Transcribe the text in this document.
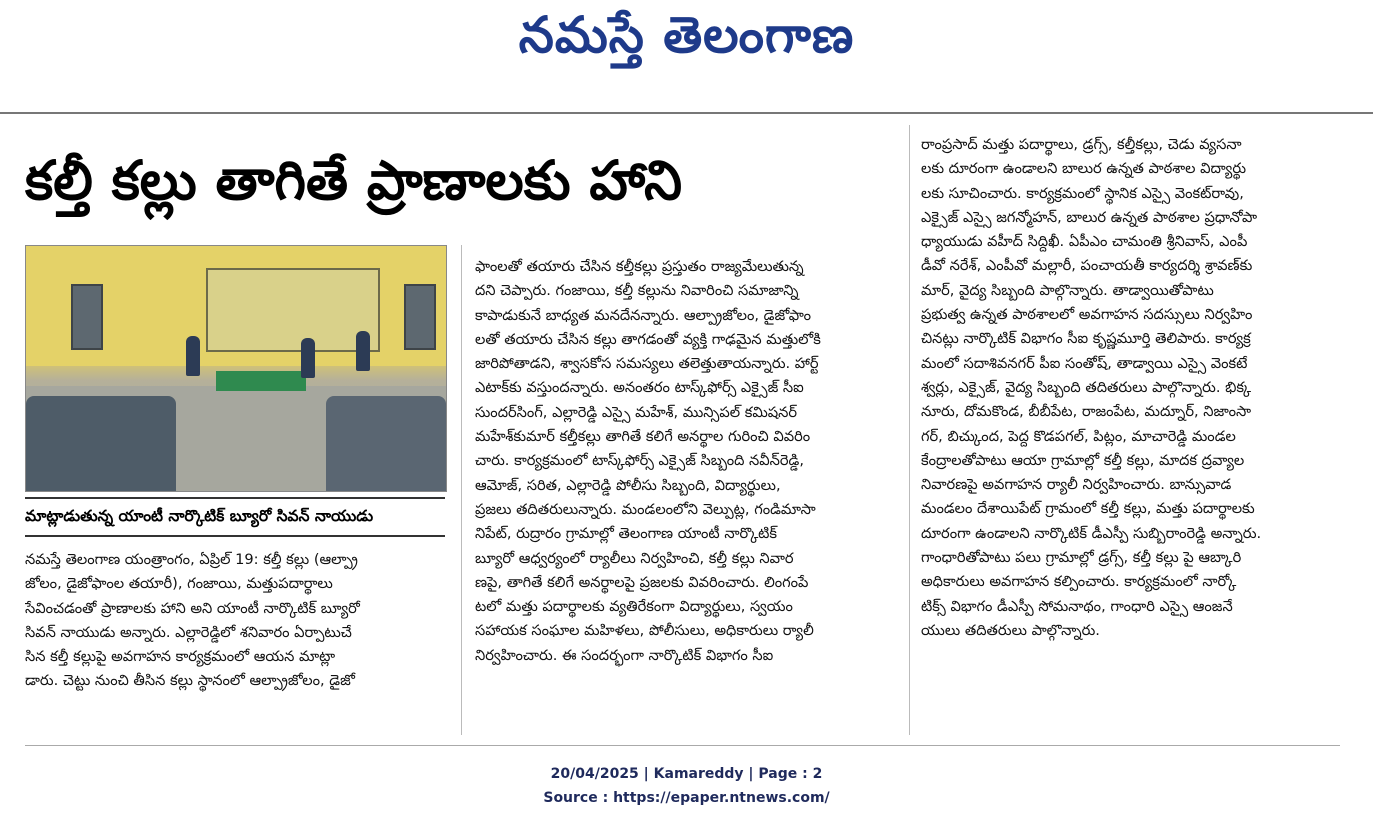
నమస్తే తెలంగాణ
కల్తీ కల్లు తాగితే ప్రాణాలకు హాని
మాట్లాడుతున్న యాంటీ నార్కొటిక్ బ్యూరో సివన్ నాయుడు
నమస్తే తెలంగాణ యంత్రాంగం, ఏప్రిల్ 19: కల్తీ కల్లు (ఆల్ప్రా
జోలం, డైజోఫాంల తయారీ), గంజాయి, మత్తుపదార్థాలు
సేవించడంతో ప్రాణాలకు హాని అని యాంటీ నార్కొటిక్ బ్యూరో
సివన్ నాయుడు అన్నారు. ఎల్లారెడ్డిలో శనివారం ఏర్పాటుచే
సిన కల్తీ కల్లుపై అవగాహన కార్యక్రమంలో ఆయన మాట్లా
డారు. చెట్టు నుంచి తీసిన కల్లు స్థానంలో ఆల్ప్రాజోలం, డైజో
ఫాంలతో తయారు చేసిన కల్తీకల్లు ప్రస్తుతం రాజ్యమేలుతున్న
దని చెప్పారు. గంజాయి, కల్తీ కల్లును నివారించి సమాజాన్ని
కాపాడుకునే బాధ్యత మనదేనన్నారు. ఆల్ప్రాజోలం, డైజోఫాం
లతో తయారు చేసిన కల్లు తాగడంతో వ్యక్తి గాఢమైన మత్తులోకి
జారిపోతాడని, శ్వాసకోస సమస్యలు తలెత్తుతాయన్నారు. హార్ట్
ఎటాక్‌కు వస్తుందన్నారు. అనంతరం టాస్క్‌ఫోర్స్ ఎక్సైజ్ సీఐ
సుందర్‌సింగ్, ఎల్లారెడ్డి ఎస్సై మహేశ్, మున్సిపల్ కమిషనర్
మహేశ్‌కుమార్ కల్తీకల్లు తాగితే కలిగే అనర్థాల గురించి వివరిం
చారు. కార్యక్రమంలో టాస్క్‌ఫోర్స్ ఎక్సైజ్ సిబ్బంది నవీన్‌రెడ్డి,
ఆమోజ్, సరిత, ఎల్లారెడ్డి పోలీసు సిబ్బంది, విద్యార్థులు,
ప్రజలు తదితరులున్నారు. మండలంలోని వెల్పుట్ల, గండిమాసా
నిపేట్, రుద్రారం గ్రామాల్లో తెలంగాణ యాంటీ నార్కొటిక్
బ్యూరో ఆధ్వర్యంలో ర్యాలీలు నిర్వహించి, కల్తీ కల్లు నివార
ణపై, తాగితే కలిగే అనర్థాలపై ప్రజలకు వివరించారు. లింగంపే
టలో మత్తు పదార్థాలకు వ్యతిరేకంగా విద్యార్థులు, స్వయం
సహాయక సంఘాల మహిళలు, పోలీసులు, అధికారులు ర్యాలీ
నిర్వహించారు. ఈ సందర్భంగా నార్కొటిక్ విభాగం సీఐ
రాంప్రసాద్ మత్తు పదార్థాలు, డ్రగ్స్, కల్తీకల్లు, చెడు వ్యసనా
లకు దూరంగా ఉండాలని బాలుర ఉన్నత పాఠశాల విద్యార్థు
లకు సూచించారు. కార్యక్రమంలో స్థానిక ఎస్సై వెంకట్‌రావు,
ఎక్సైజ్ ఎస్సై జగన్మోహన్, బాలుర ఉన్నత పాఠశాల ప్రధానోపా
ధ్యాయుడు వహీద్ సిద్దిఖీ. ఏపీఎం చామంతి శ్రీనివాస్, ఎంపీ
డీవో నరేశ్, ఎంపీవో మల్లారీ, పంచాయతీ కార్యదర్శి శ్రావణ్‌కు
మార్, వైద్య సిబ్బంది పాల్గొన్నారు. తాడ్వాయితోపాటు
ప్రభుత్వ ఉన్నత పాఠశాలలో అవగాహన సదస్సులు నిర్వహిం
చినట్లు నార్కొటిక్ విభాగం సీఐ కృష్ణమూర్తి తెలిపారు. కార్యక్ర
మంలో సదాశివనగర్ పీఐ సంతోష్, తాడ్వాయి ఎస్సై వెంకటే
శ్వర్లు, ఎక్సైజ్, వైద్య సిబ్బంది తదితరులు పాల్గొన్నారు. భిక్క
నూరు, దోమకొండ, బీబీపేట, రాజంపేట, మద్నూర్, నిజాంసా
గర్, బిచ్కుంద, పెద్ద కొడపగల్, పిట్లం, మాచారెడ్డి మండల
కేంద్రాలతోపాటు ఆయా గ్రామాల్లో కల్తీ కల్లు, మాదక ద్రవ్యాల
నివారణపై అవగాహన ర్యాలీ నిర్వహించారు. బాన్సువాడ
మండలం దేశాయిపేట్ గ్రామంలో కల్తీ కల్లు, మత్తు పదార్థాలకు
దూరంగా ఉండాలని నార్కొటిక్ డీఎస్పీ సుబ్బిరాంరెడ్డి అన్నారు.
గాంధారితోపాటు పలు గ్రామాల్లో డ్రగ్స్, కల్తీ కల్లు పై ఆబ్కారి
అధికారులు అవగాహన కల్పించారు. కార్యక్రమంలో నార్కో
టిక్స్ విభాగం డీఎస్పీ సోమనాథం, గాంధారి ఎస్సై ఆంజనే
యులు తదితరులు పాల్గొన్నారు.
20/04/2025 | Kamareddy | Page : 2
Source : https://epaper.ntnews.com/
